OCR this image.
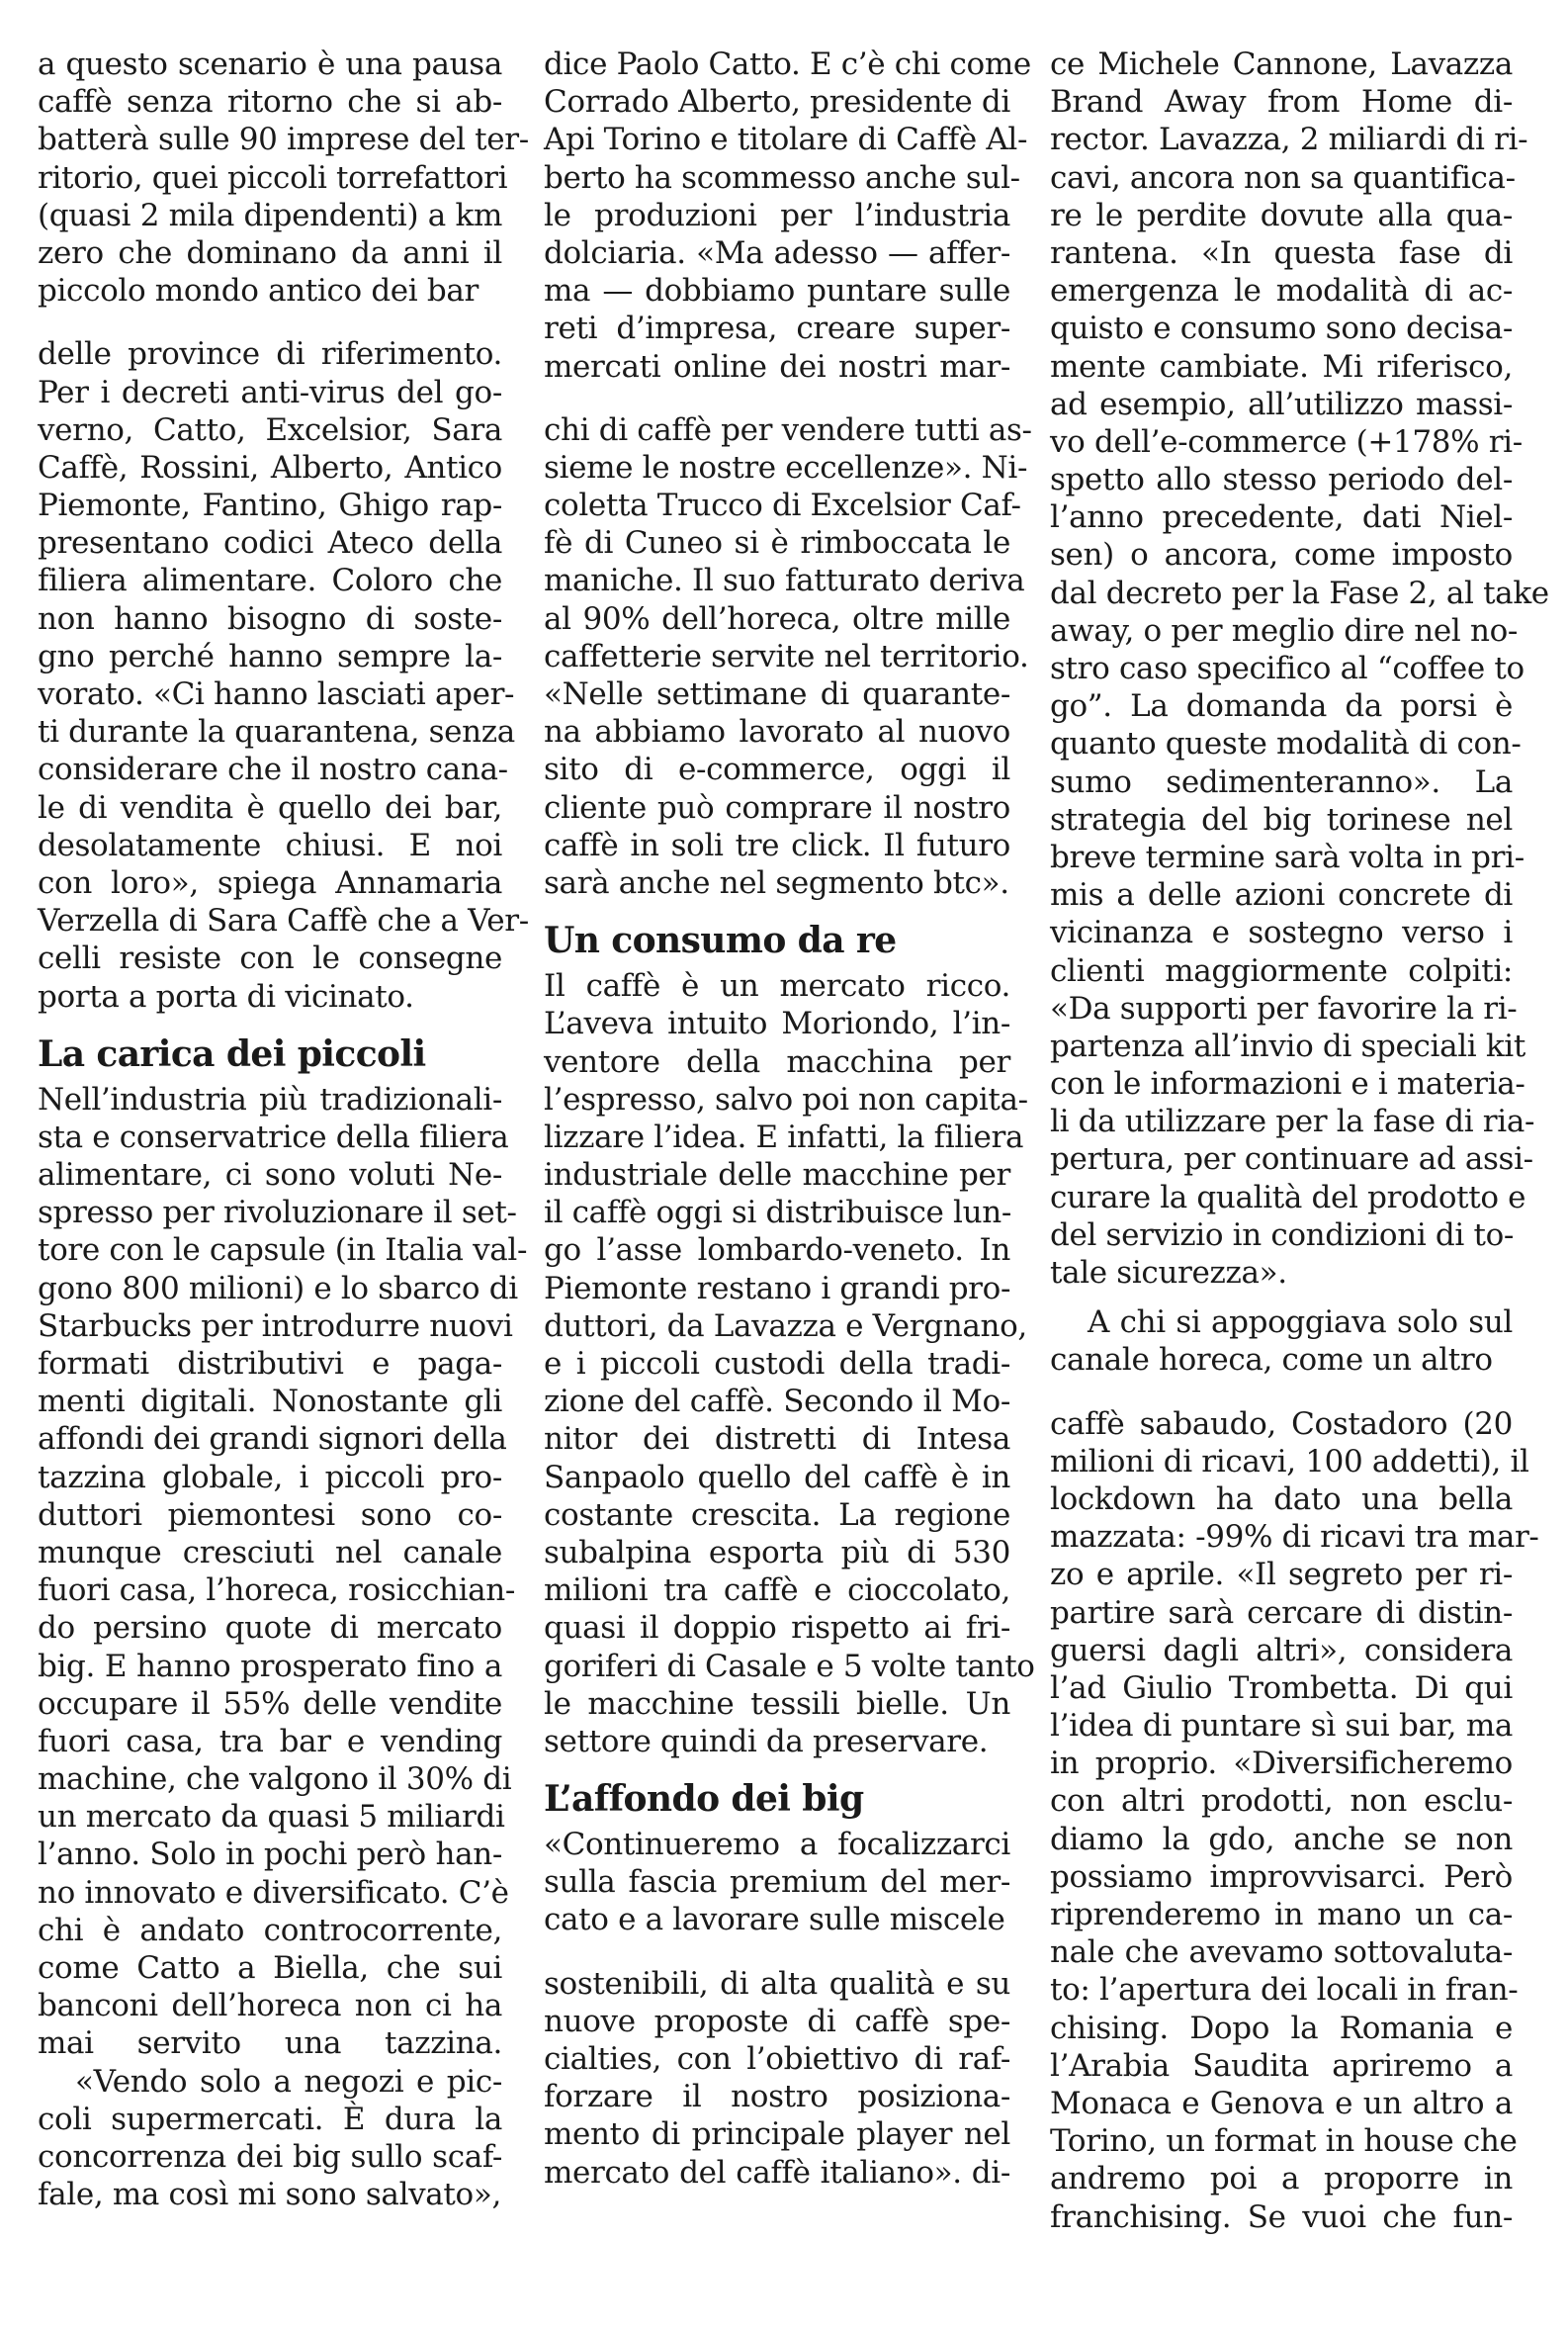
a questo scenario è una pausa
caffè senza ritorno che si ab-
batterà sulle 90 imprese del ter-
ritorio, quei piccoli torrefattori
(quasi 2 mila dipendenti) a km
zero che dominano da anni il
piccolo mondo antico dei bar
delle province di riferimento.
Per i decreti anti-virus del go-
verno, Catto, Excelsior, Sara
Caffè, Rossini, Alberto, Antico
Piemonte, Fantino, Ghigo rap-
presentano codici Ateco della
filiera alimentare. Coloro che
non hanno bisogno di soste-
gno perché hanno sempre la-
vorato. «Ci hanno lasciati aper-
ti durante la quarantena, senza
considerare che il nostro cana-
le di vendita è quello dei bar,
desolatamente chiusi. E noi
con loro», spiega Annamaria
Verzella di Sara Caffè che a Ver-
celli resiste con le consegne
porta a porta di vicinato.
La carica dei piccoli
Nell’industria più tradizionali-
sta e conservatrice della filiera
alimentare, ci sono voluti Ne-
spresso per rivoluzionare il set-
tore con le capsule (in Italia val-
gono 800 milioni) e lo sbarco di
Starbucks per introdurre nuovi
formati distributivi e paga-
menti digitali. Nonostante gli
affondi dei grandi signori della
tazzina globale, i piccoli pro-
duttori piemontesi sono co-
munque cresciuti nel canale
fuori casa, l’horeca, rosicchian-
do persino quote di mercato
big. E hanno prosperato fino a
occupare il 55% delle vendite
fuori casa, tra bar e vending
machine, che valgono il 30% di
un mercato da quasi 5 miliardi
l’anno. Solo in pochi però han-
no innovato e diversificato. C’è
chi è andato controcorrente,
come Catto a Biella, che sui
banconi dell’horeca non ci ha
mai servito una tazzina.
«Vendo solo a negozi e pic-
coli supermercati. È dura la
concorrenza dei big sullo scaf-
fale, ma così mi sono salvato»,
dice Paolo Catto. E c’è chi come
Corrado Alberto, presidente di
Api Torino e titolare di Caffè Al-
berto ha scommesso anche sul-
le produzioni per l’industria
dolciaria. «Ma adesso — affer-
ma — dobbiamo puntare sulle
reti d’impresa, creare super-
mercati online dei nostri mar-
chi di caffè per vendere tutti as-
sieme le nostre eccellenze». Ni-
coletta Trucco di Excelsior Caf-
fè di Cuneo si è rimboccata le
maniche. Il suo fatturato deriva
al 90% dell’horeca, oltre mille
caffetterie servite nel territorio.
«Nelle settimane di quarante-
na abbiamo lavorato al nuovo
sito di e-commerce, oggi il
cliente può comprare il nostro
caffè in soli tre click. Il futuro
sarà anche nel segmento btc».
Un consumo da re
Il caffè è un mercato ricco.
L’aveva intuito Moriondo, l’in-
ventore della macchina per
l’espresso, salvo poi non capita-
lizzare l’idea. E infatti, la filiera
industriale delle macchine per
il caffè oggi si distribuisce lun-
go l’asse lombardo-veneto. In
Piemonte restano i grandi pro-
duttori, da Lavazza e Vergnano,
e i piccoli custodi della tradi-
zione del caffè. Secondo il Mo-
nitor dei distretti di Intesa
Sanpaolo quello del caffè è in
costante crescita. La regione
subalpina esporta più di 530
milioni tra caffè e cioccolato,
quasi il doppio rispetto ai fri-
goriferi di Casale e 5 volte tanto
le macchine tessili bielle. Un
settore quindi da preservare.
L’affondo dei big
«Continueremo a focalizzarci
sulla fascia premium del mer-
cato e a lavorare sulle miscele
sostenibili, di alta qualità e su
nuove proposte di caffè spe-
cialties, con l’obiettivo di raf-
forzare il nostro posiziona-
mento di principale player nel
mercato del caffè italiano». di-
ce Michele Cannone, Lavazza
Brand Away from Home di-
rector. Lavazza, 2 miliardi di ri-
cavi, ancora non sa quantifica-
re le perdite dovute alla qua-
rantena. «In questa fase di
emergenza le modalità di ac-
quisto e consumo sono decisa-
mente cambiate. Mi riferisco,
ad esempio, all’utilizzo massi-
vo dell’e-commerce (+178% ri-
spetto allo stesso periodo del-
l’anno precedente, dati Niel-
sen) o ancora, come imposto
dal decreto per la Fase 2, al take
away, o per meglio dire nel no-
stro caso specifico al “coffee to
go”. La domanda da porsi è
quanto queste modalità di con-
sumo sedimenteranno». La
strategia del big torinese nel
breve termine sarà volta in pri-
mis a delle azioni concrete di
vicinanza e sostegno verso i
clienti maggiormente colpiti:
«Da supporti per favorire la ri-
partenza all’invio di speciali kit
con le informazioni e i materia-
li da utilizzare per la fase di ria-
pertura, per continuare ad assi-
curare la qualità del prodotto e
del servizio in condizioni di to-
tale sicurezza».
A chi si appoggiava solo sul
canale horeca, come un altro
caffè sabaudo, Costadoro (20
milioni di ricavi, 100 addetti), il
lockdown ha dato una bella
mazzata: -99% di ricavi tra mar-
zo e aprile. «Il segreto per ri-
partire sarà cercare di distin-
guersi dagli altri», considera
l’ad Giulio Trombetta. Di qui
l’idea di puntare sì sui bar, ma
in proprio. «Diversificheremo
con altri prodotti, non esclu-
diamo la gdo, anche se non
possiamo improvvisarci. Però
riprenderemo in mano un ca-
nale che avevamo sottovaluta-
to: l’apertura dei locali in fran-
chising. Dopo la Romania e
l’Arabia Saudita apriremo a
Monaca e Genova e un altro a
Torino, un format in house che
andremo poi a proporre in
franchising. Se vuoi che fun-
